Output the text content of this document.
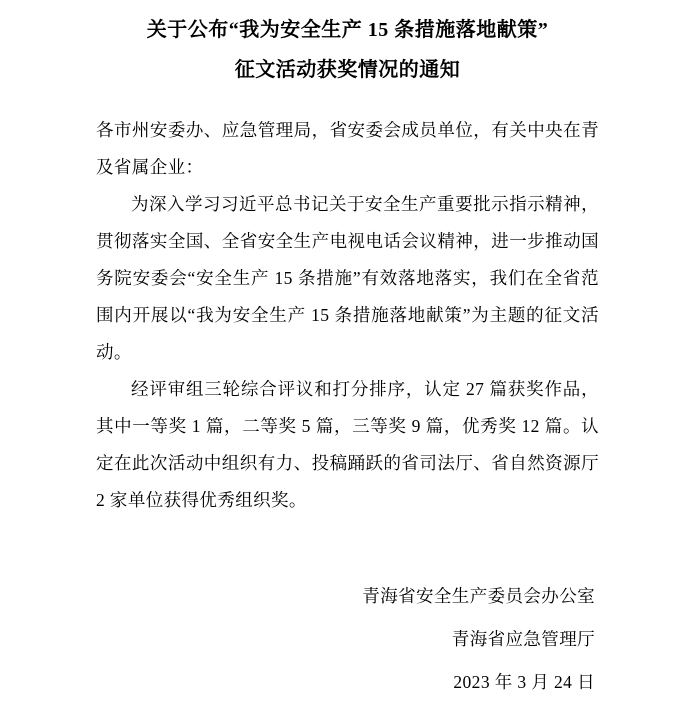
关于公布“我为安全生产 15 条措施落地献策”
征文活动获奖情况的通知

各市州安委办、应急管理局，省安委会成员单位，有关中央在青及省属企业：

为深入学习习近平总书记关于安全生产重要批示指示精神，贯彻落实全国、全省安全生产电视电话会议精神，进一步推动国务院安委会“安全生产 15 条措施”有效落地落实，我们在全省范围内开展以“我为安全生产 15 条措施落地献策”为主题的征文活动。

经评审组三轮综合评议和打分排序，认定 27 篇获奖作品，其中一等奖 1 篇，二等奖 5 篇，三等奖 9 篇，优秀奖 12 篇。认定在此次活动中组织有力、投稿踊跃的省司法厅、省自然资源厅 2 家单位获得优秀组织奖。

青海省安全生产委员会办公室
青海省应急管理厅
2023 年 3 月 24 日
